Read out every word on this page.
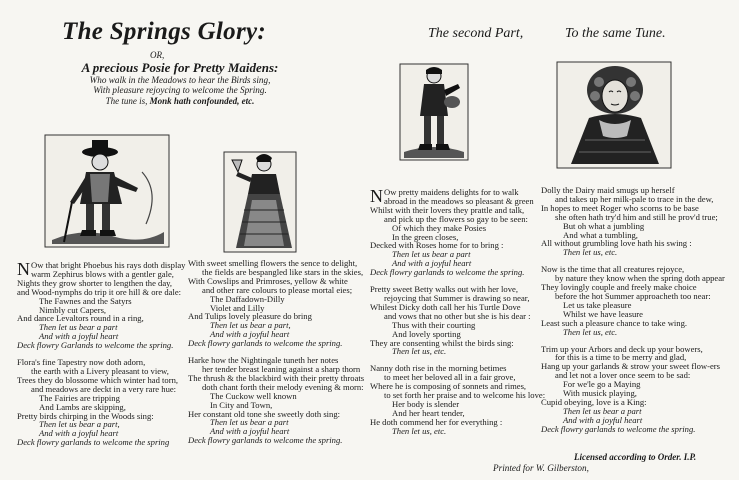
The Springs Glory:
OR,
A precious Posie for Pretty Maidens:
Who walk in the Meadows to hear the Birds sing,
With pleasure rejoycing to welcome the Spring.
The tune is, Monk hath confounded, etc.
The second Part,	To the same Tune.
N Ow that bright Phoebus his rays doth display
warm Zephirus blows with a gentler gale,
Nights they grow shorter to lengthen the day,
and Wood-nymphs do trip it ore hill & ore dale:
The Fawnes and the Satyrs
Nimbly cut Capers,
And dance Levaltors round in a ring,
Then let us bear a part
And with a joyful heart
Deck flowry Garlands to welcome the spring.
Flora's fine Tapestry now doth adorn,
the earth with a Livery pleasant to view,
Trees they do blossome which winter had torn,
and meadows are deckt in a very rare hue:
The Fairies are tripping
And Lambs are skipping,
Pretty birds chirping in the Woods sing:
Then let us bear a part,
And with a joyful heart
Deck flowry garlands to welcome the spring
With sweet smelling flowers the sence to delight,
the fields are bespangled like stars in the skies,
With Cowslips and Primroses, yellow & white
and other rare colours to please mortal eies;
The Daffadown-Dilly
Violet and Lilly
And Tulips lovely pleasure do bring
Then let us bear a part,
And with a joyful heart
Deck flowry garlands to welcome the spring.
Harke how the Nightingale tuneth her notes
her tender breast leaning against a sharp thorn
The thrush & the blackbird with their pretty throats
doth chant forth their melody evening & morn:
The Cuckow well known
In City and Town,
Her constant old tone she sweetly doth sing:
Then let us bear a part
And with a joyful heart
Deck flowry garlands to welcome the spring.
N Ow pretty maidens delights for to walk
abroad in the meadows so pleasant & green
Whilst with their lovers they prattle and talk,
and pick up the flowers so gay to be seen:
Of which they make Posies
In the green closes,
Decked with Roses home for to bring :
Then let us bear a part
And with a joyful heart
Deck flowry garlands to welcome the spring.
Pretty sweet Betty walks out with her love,
rejoycing that Summer is drawing so near,
Whilest Dicky doth call her his Turtle Dove
and vows that no other but she is his dear :
Thus with their courting
And lovely sporting
They are consenting whilst the birds sing:
Then let us, etc.
Nanny doth rise in the morning betimes
to meet her beloved all in a fair grove,
Where he is composing of sonnets and rimes,
to set forth her praise and to welcome his love:
Her body is slender
And her heart tender,
He doth commend her for everything :
Then let us, etc.
Dolly the Dairy maid smugs up herself
and takes up her milk-pale to trace in the dew,
In hopes to meet Roger who scorns to be base
she often hath try'd him and still he prov'd true;
But oh what a jumbling
And what a tumbling,
All without grumbling love hath his swing :
Then let us, etc.
Now is the time that all creatures rejoyce,
by nature they know when the spring doth appear
They lovingly couple and freely make choice
before the hot Summer approacheth too near:
Let us take pleasure
Whilst we have leasure
Least such a pleasure chance to take wing.
Then let us, etc.
Trim up your Arbors and deck up your bowers,
for this is a time to be merry and glad,
Hang up your garlands & strow your sweet flow-ers
and let not a lover once seem to be sad:
For we'le go a Maying
With musick playing,
Cupid obeying, love is a King:
Then let us bear a part
And with a joyful heart
Deck flowry garlands to welcome the spring.
Licensed according to Order. I.P.
Printed for W. Gilberston,
